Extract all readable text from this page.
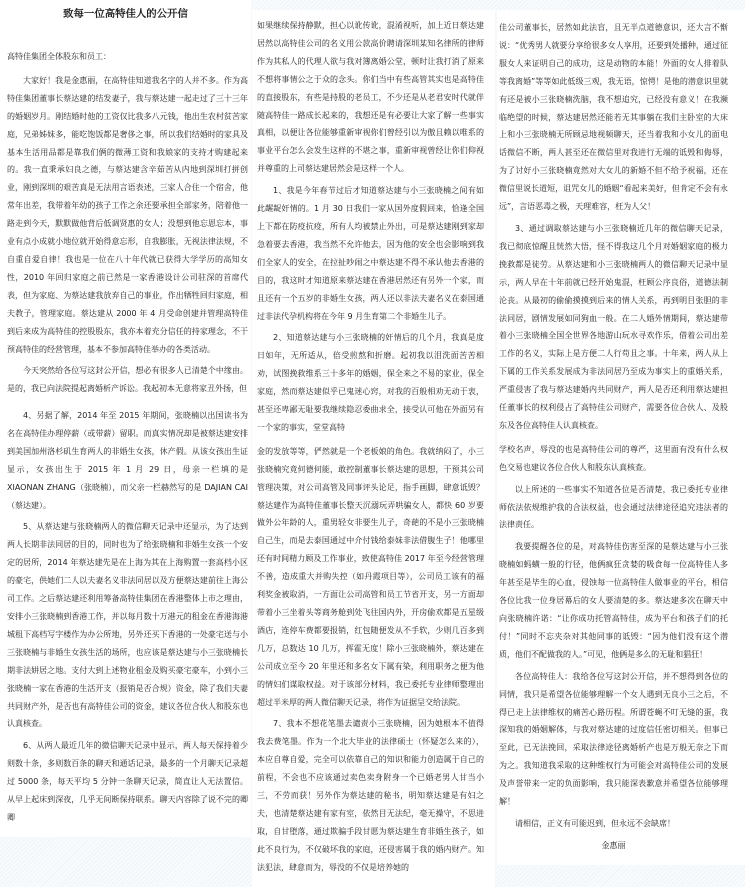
致每一位高特佳人的公开信

高特佳集团全体股东和员工：

大家好！我是金惠丽，在高特佳知道我名字的人并不多。作为高特佳集团董事长蔡达建的结发妻子，我与蔡达建一起走过了三十三年的婚姻岁月。刚结婚时他的工资仅比我多八元钱，他出生农村贫苦家庭，兄弟姊妹多，能吃饱饭都是奢侈之事，所以我们结婚时的家具及基本生活用品都是靠我们俩的微薄工资和我娘家的支持才购建起来的。我一直秉承妇良之德，与蔡达建含辛茹苦从内地到深圳打拼创业，刚到深圳的艰苦真是无法用言语表述，三家人合住一个宿舍，他常年出差，我带着年幼的孩子工作之余还要承担全部家务，陪着他一路走到今天，默默做他背后低调贤惠的女人；没想到他忘恩忘本，事业有点小成就小地位就开始得意忘形，自我膨胀，无视法律法规，不自重自爱自律！我也是一位在八十年代就已获得大学学历的高知女性，2010 年回归家庭之前已然是一家香港设计公司驻深的首席代表，但为家庭、为蔡达建我放弃自己的事业，作出牺牲回归家庭，相夫教子，管理家庭。蔡达建从 2000 年 4 月受命创建并管理高特佳到后来成为高特佳的控股股东，我亦本着充分信任的持家理念，不干预高特佳的经营管理，基本不参加高特佳举办的各类活动。

今天突然给各位写这封公开信，想必有很多人已清楚个中缘由。是的，我已向法院提起离婚析产诉讼。我起初本无意将家丑外扬，但

4、另据了解，2014 年至 2015 年期间，张晓楠以出国读书为名在高特佳办理停薪（或带薪）留职。而真实情况却是被蔡达建安排到美国加州洛杉矶生育两人的非婚生女孩，休产假。从该女孩出生证显示，女孩出生于 2015 年 1 月 29 日，母亲一栏填的是 XIAONAN ZHANG（张晓楠），而父亲一栏赫然写的是 DAJIAN CAI（蔡达建）。

5、从蔡达建与张晓楠两人的微信聊天记录中还显示，为了达到两人长期非法同居的目的，同时也为了给张晓楠和非婚生女孩一个安定的居所，2014 年蔡达建先是在上海为其在上海购置一套高档小区的豪宅，供她们二人以夫妻名义非法同居以及方便蔡达建前往上海公司工作。之后蔡达建还利用筹备高特佳集团在香港整体上市之理由，安排小三张晓楠到香港工作，并以每月数十万港元的租金在香港海港城租下高档写字楼作为办公所地，另外还买下香港的一处豪宅送与小三张晓楠与非婚生女孩生活的场所，也应该是蔡达建与小三张晓楠长期非法姘居之地。支付大到上述物业租金及购买豪宅豪车，小到小三张晓楠一家在香港的生活开支（报销是否合规）资金，除了我们夫妻共同财产外，是否也有高特佳公司的资金，建议各位合伙人和股东也认真核查。

6、从两人最近几年的微信聊天记录中显示，两人每天保持着少则数十条，多则数百条的聊天和通话记录，最多的一个月聊天记录超过 5000 条，每天平均 5 分钟一条聊天记录，简直让人无法置信。从早上起床到深夜，几乎无间断保持联系。聊天内容除了说不完的卿卿

如果继续保持静默，担心以讹传讹，混淆视听，加上近日蔡达建居然以高特佳公司的名义用公款高价聘请深圳某知名律所的律师作为其私人的代理人欲与我对簿离婚公堂，顿时让我打消了原来不想将事情公之于众的念头。你们当中有些高管其实也是高特佳的直接股东，有些是持股的老员工，不少还是从老君安时代就伴随高特佳一路成长起来的，我想还是有必要让大家了解一些事实真相，以便让各位能够重新审视你们曾经引以为傲且赖以唯系的事业平台怎么会发生这样的不堪之事，重新审视曾经让你们仰视并尊重的上司蔡达建居然会是这样一个人。

1、我是今年春节过后才知道蔡达建与小三张晓楠之间有如此龌龊奸情的。1 月 30 日我们一家从国外度假回来，恰逢全国上下都在防疫抗疫，所有人均被禁止外出，可是蔡达建刚到家却急着要去香港，我当然不允许他去，因为他的安全也会影响到我们全家人的安全，在拉扯吵闹之中蔡达建不得不承认他去香港的目的，我这时才知道原来蔡达建在香港居然还有另外一个家，而且还有一个五岁的非婚生女孩，两人还以非法夫妻名义在泰国通过非法代孕机构将在今年 9 月生育第二个非婚生儿子。

2、知道蔡达建与小三张晓楠的奸情后的几个月，我真是度日如年，无所适从，倍受煎熬和折磨。起初我以泪洗面苦苦相劝，试图挽救维系三十多年的婚姻，保全来之不易的家业，保全家庭，然而蔡达建似乎已鬼迷心窍，对我的百般相劝无动于衷，甚至还卑鄙无耻要我继续隐忍委曲求全，接受认可他在外面另有一个家的事实，堂堂高特

金的发放等等，俨然就是一个老板娘的角色。我就纳闷了，小三张晓楠究竟何德何能，敢控制董事长蔡达建的思想，干预其公司管理决策，对公司高管及同事评头论足，指手画脚，肆意诋毁？蔡达建作为高特佳董事长整天沉溺玩弄哄骗女人，都快 60 岁要做外公年龄的人，重男轻女非要生儿子，奇葩的不是小三张晓楠自己生，而是去泰国通过中介付钱给泰妹非法借腹生子！他哪里还有时间精力顾及工作事业，致使高特佳 2017 年至今经营管理不善，造成重大并购失控（如丹霞项目等），公司员工该有的福利奖金被取消，一方面让公司高管和员工节省开支，另一方面却带着小三坐着头等商务舱到处飞往国内外，开房偷欢都是五星级酒店，连停车费都要报销，红包随便发从不手软，少则几百多到几万，总数达 10 几万，挥霍无度！除小三张晓楠外，蔡达建在公司成立至今 20 年里还和多名女下属有染，利用职务之便为他的情妇们谋取权益。对于该部分材料，我已委托专业律师整理出超过半米厚的两人微信聊天记录，将作为证据呈交给法院。

7、我本不想花笔墨去谴责小三张晓楠，因为她根本不值得我去费笔墨。作为一个北大毕业的法律硕士（怀疑怎么来的），本应自尊自爱，完全可以依靠自己的知识和能力创造属于自己的前程，不会也不应该通过卖色卖身附身一个已婚老男人甘当小三，不劳而获！另外作为蔡达建的秘书，明知蔡达建是有妇之夫，也清楚蔡达建有家有室，依然目无法纪，毫无操守，不思进取，自甘堕落，通过欺骗手段甘愿为蔡达建生育非婚生孩子，如此不良行为，不仅破坏我的家庭，还侵害属于我的婚内财产。知法犯法，肆意而为，辱没的不仅是培养她的

佳公司董事长，居然如此法盲，且无半点道德意识，还大言不惭说：“优秀男人就要分享给很多女人享用，还要到处播种，通过征服女人来证明自己的成功，这是动物的本能！外面的女人排着队等我离婚”等等如此低级三观，我无语，惊愕！是他的潜意识里就有还是被小三张晓楠洗脑，我不想追究，已经没有意义！在我濒临绝望的时候，蔡达建居然还能若无其事躺在我们主卧室的大床上和小三张晓楠无所顾忌地视频聊天，还当着我和小女儿的面电话微信不断，两人甚至还在微信里对我进行无端的诋毁和侮辱，为了讨好小三张晓楠竟然对大女儿的新婚不但不给予祝福，还在微信里说长道短，诅咒女儿的婚姻“看起来美好，但肯定不会有永远”，言语恶毒之极，天理难容，枉为人父！

3、通过调取蔡达建与小三张晓楠近几年的微信聊天记录，我已彻底惊醒且恍然大悟，怪不得我这几个月对婚姻家庭的极力挽救都是徒劳。从蔡达建和小三张晓楠两人的微信聊天记录中显示，两人早在十年前就已经开始鬼混，枉顾公序良俗，道德法制沦丧。从最初的偷偷摸摸到后来的情人关系，再到明目张胆的非法同居，剧情发展如同狗血一般。在二人婚外情期间，蔡达建带着小三张晓楠全国全世界各地游山玩水寻欢作乐，借着公司出差工作的名义，实际上是方便二人行苟且之事。十年来，两人从上下属的工作关系发展成为非法同居乃至成为事实上的重婚关系，严重侵害了我与蔡达建婚内共同财产，两人是否还利用蔡达建担任董事长的权利侵占了高特佳公司财产，需要各位合伙人、及股东及各位高特佳人认真核查。

学校名声，辱没的也是高特佳公司的尊严，这里面有没有什么权色交易也建议各位合伙人和股东认真核查。

以上所述的一些事实不知道各位是否清楚，我已委托专业律师依法依规维护我的合法权益，也会通过法律途径追究违法者的法律责任。

我要提醒各位的是，对高特佳伤害至深的是蔡达建与小三张晓楠如蚂蟥一般的行径，他俩疯狂贪婪的吸食每一位高特佳人多年甚至是毕生的心血，侵蚀每一位高特佳人做事业的平台，相信各位比我一位身居幕后的女人要清楚的多。蔡达建多次在聊天中向张晓楠许诺：“让你成功托管高特佳，成为平台和孩子们的托付！”同时不忘夹杂对其他同事的诋毁：“因为他们没有这个潜质，他们不配做我的人。”可见，他俩是多么的无耻和猖狂！

各位高特佳人：我给各位写这封公开信，并不想得到各位的同情，我只是希望各位能够理解一个女人遇到无良小三之后，不得已走上法律维权的痛苦心路历程。所谓苍蝇不叮无缝的蛋，我深知我的婚姻解体，与我对蔡达建的过度信任密切相关。但事已至此，已无法挽回，采取法律途径离婚析产也是万般无奈之下而为之。我知道我采取的这种维权行为可能会对高特佳公司的发展及声誉带来一定的负面影响，我只能深表歉意并希望各位能够理解！

请相信，正义有可能迟到，但永远不会缺席！

金惠丽
